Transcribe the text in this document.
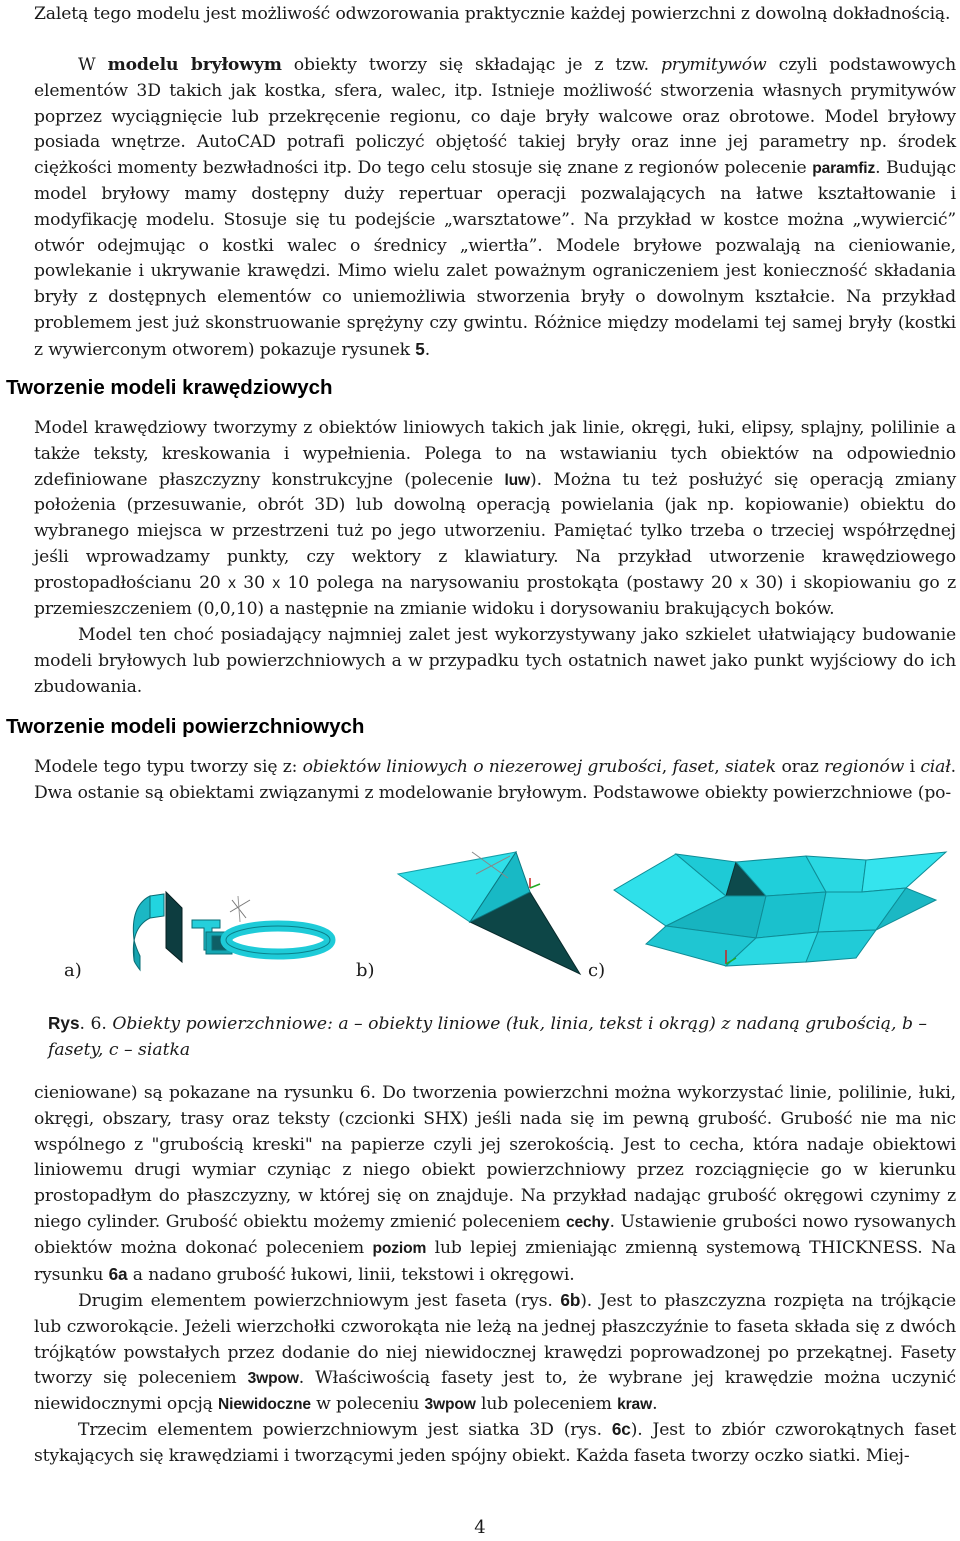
Zaletą tego modelu jest możliwość odwzorowania praktycznie każdej powierzchni z dowolną dokładnością.

W modelu bryłowym obiekty tworzy się składając je z tzw. prymitywów czyli podstawowych elementów 3D takich jak kostka, sfera, walec, itp. Istnieje możliwość stworzenia własnych prymitywów poprzez wyciągnięcie lub przekręcenie regionu, co daje bryły walcowe oraz obrotowe. Model bryłowy posiada wnętrze. AutoCAD potrafi policzyć objętość takiej bryły oraz inne jej parametry np. środek ciężkości momenty bezwładności itp. Do tego celu stosuje się znane z regionów polecenie paramfiz. Budując model bryłowy mamy dostępny duży repertuar operacji pozwalających na łatwe kształtowanie i modyfikację modelu. Stosuje się tu podejście „warsztatowe”. Na przykład w kostce można „wywiercić” otwór odejmując o kostki walec o średnicy „wiertła”. Modele bryłowe pozwalają na cieniowanie, powlekanie i ukrywanie krawędzi. Mimo wielu zalet poważnym ograniczeniem jest konieczność składania bryły z dostępnych elementów co uniemożliwia stworzenia bryły o dowolnym kształcie. Na przykład problemem jest już skonstruowanie sprężyny czy gwintu. Różnice między modelami tej samej bryły (kostki z wywierconym otworem) pokazuje rysunek 5.

Tworzenie modeli krawędziowych

Model krawędziowy tworzymy z obiektów liniowych takich jak linie, okręgi, łuki, elipsy, splajny, polilinie a także teksty, kreskowania i wypełnienia. Polega to na wstawianiu tych obiektów na odpowiednio zdefiniowane płaszczyzny konstrukcyjne (polecenie luw). Można tu też posłużyć się operacją zmiany położenia (przesuwanie, obrót 3D) lub dowolną operacją powielania (jak np. kopiowanie) obiektu do wybranego miejsca w przestrzeni tuż po jego utworzeniu. Pamiętać tylko trzeba o trzeciej współrzędnej jeśli wprowadzamy punkty, czy wektory z klawiatury. Na przykład utworzenie krawędziowego prostopadłościanu 20 x 30 x 10 polega na narysowaniu prostokąta (postawy 20 x 30) i skopiowaniu go z przemieszczeniem (0,0,10) a następnie na zmianie widoku i dorysowaniu brakujących boków.

Model ten choć posiadający najmniej zalet jest wykorzystywany jako szkielet ułatwiający budowanie modeli bryłowych lub powierzchniowych a w przypadku tych ostatnich nawet jako punkt wyjściowy do ich zbudowania.

Tworzenie modeli powierzchniowych

Modele tego typu tworzy się z: obiektów liniowych o niezerowej grubości, faset, siatek oraz regionów i ciał. Dwa ostanie są obiektami związanymi z modelowanie bryłowym. Podstawowe obiekty powierzchniowe (po-

a)	b)	c)

Rys. 6. Obiekty powierzchniowe: a – obiekty liniowe (łuk, linia, tekst i okrąg) z nadaną grubością, b – fasety, c – siatka

cieniowane) są pokazane na rysunku 6. Do tworzenia powierzchni można wykorzystać linie, polilinie, łuki, okręgi, obszary, trasy oraz teksty (czcionki SHX) jeśli nada się im pewną grubość. Grubość nie ma nic wspólnego z "grubością kreski" na papierze czyli jej szerokością. Jest to cecha, która nadaje obiektowi liniowemu drugi wymiar czyniąc z niego obiekt powierzchniowy przez rozciągnięcie go w kierunku prostopadłym do płaszczyzny, w której się on znajduje. Na przykład nadając grubość okręgowi czynimy z niego cylinder. Grubość obiektu możemy zmienić poleceniem cechy. Ustawienie grubości nowo rysowanych obiektów można dokonać poleceniem poziom lub lepiej zmieniając zmienną systemową THICKNESS. Na rysunku 6a a nadano grubość łukowi, linii, tekstowi i okręgowi.

Drugim elementem powierzchniowym jest faseta (rys. 6b). Jest to płaszczyzna rozpięta na trójkącie lub czworokącie. Jeżeli wierzchołki czworokąta nie leżą na jednej płaszczyźnie to faseta składa się z dwóch trójkątów powstałych przez dodanie do niej niewidocznej krawędzi poprowadzonej po przekątnej. Fasety tworzy się poleceniem 3wpow. Właściwością fasety jest to, że wybrane jej krawędzie można uczynić niewidocznymi opcją Niewidoczne w poleceniu 3wpow lub poleceniem kraw.

Trzecim elementem powierzchniowym jest siatka 3D (rys. 6c). Jest to zbiór czworokątnych faset stykających się krawędziami i tworzącymi jeden spójny obiekt. Każda faseta tworzy oczko siatki. Miej-

4
